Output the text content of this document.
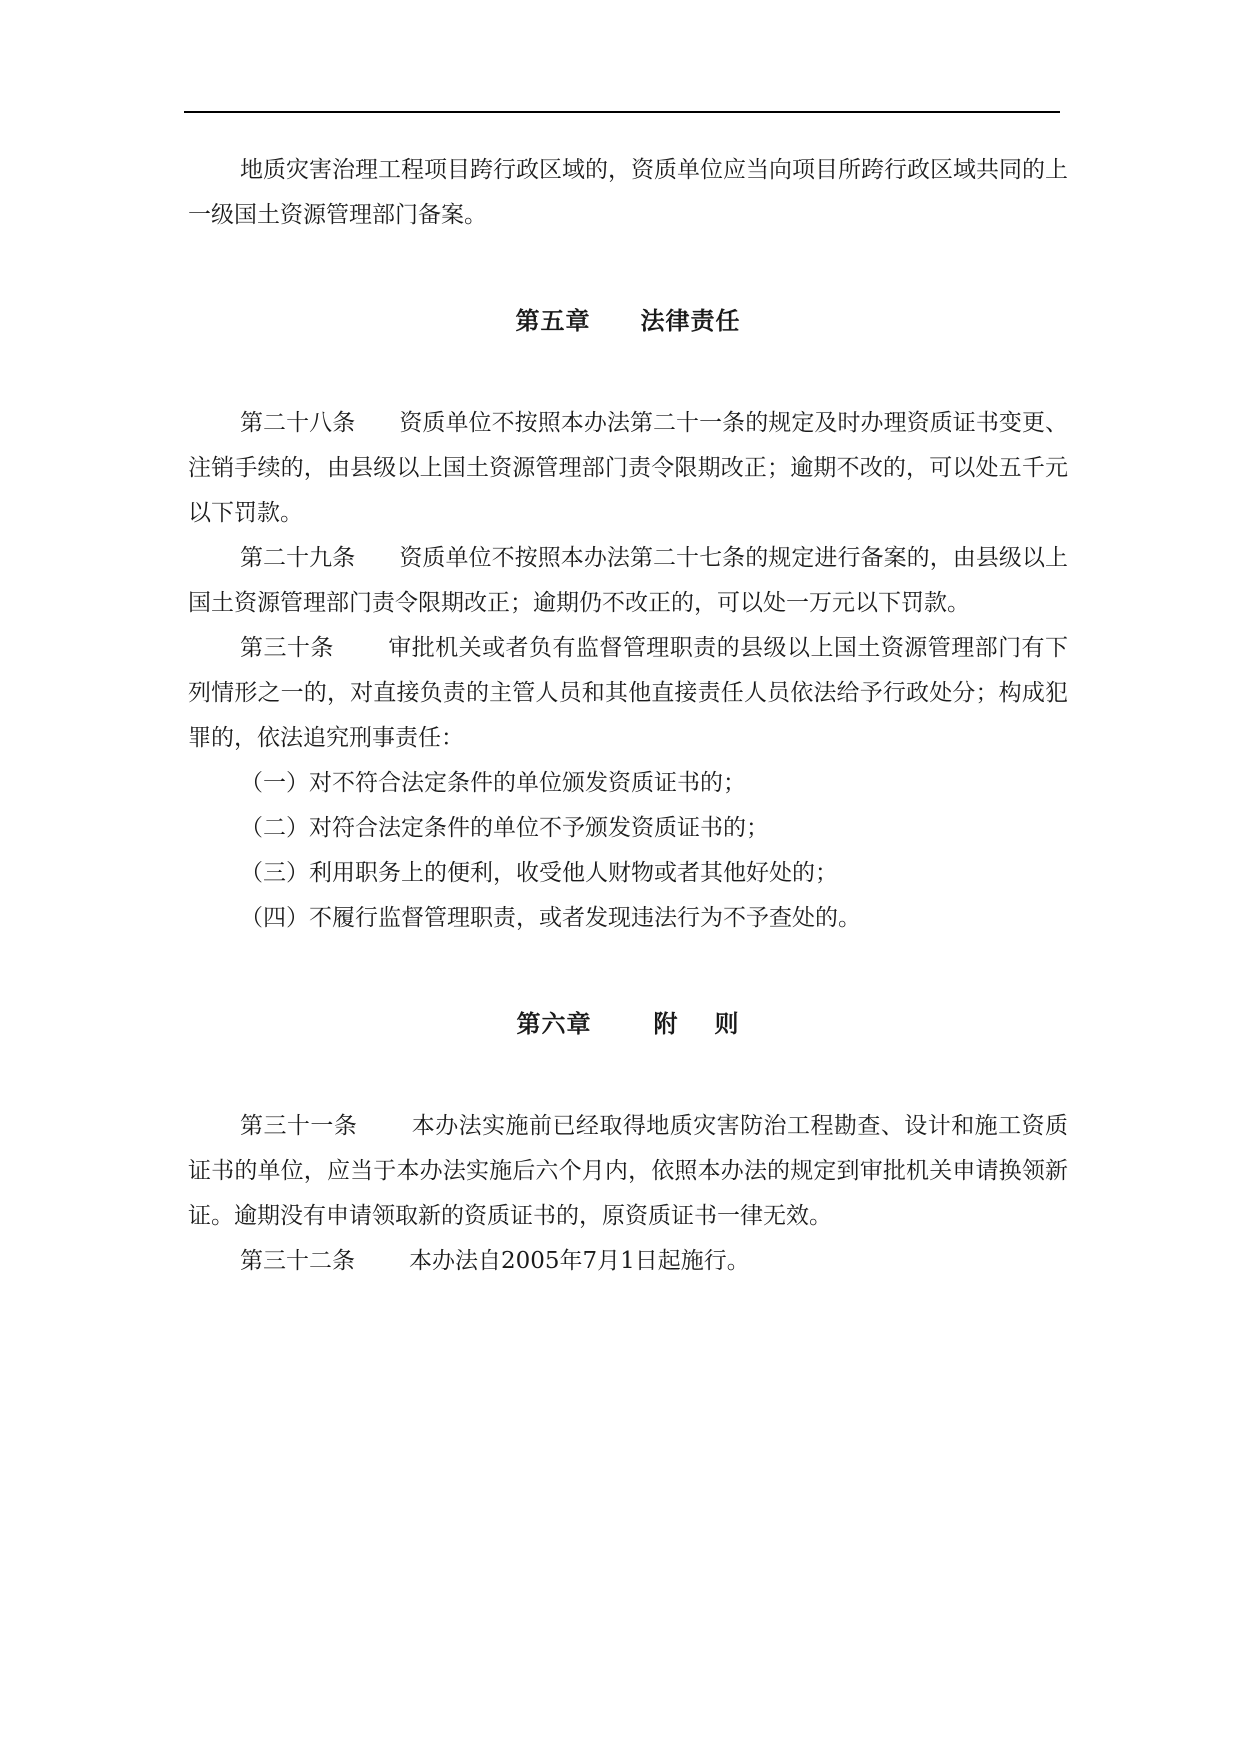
地质灾害治理工程项目跨行政区域的，资质单位应当向项目所跨行政区域共同的上一级国土资源管理部门备案。

第五章 法律责任

第二十八条 资质单位不按照本办法第二十一条的规定及时办理资质证书变更、注销手续的，由县级以上国土资源管理部门责令限期改正；逾期不改的，可以处五千元以下罚款。

第二十九条 资质单位不按照本办法第二十七条的规定进行备案的，由县级以上国土资源管理部门责令限期改正；逾期仍不改正的，可以处一万元以下罚款。

第三十条 审批机关或者负有监督管理职责的县级以上国土资源管理部门有下列情形之一的，对直接负责的主管人员和其他直接责任人员依法给予行政处分；构成犯罪的，依法追究刑事责任：

（一）对不符合法定条件的单位颁发资质证书的；

（二）对符合法定条件的单位不予颁发资质证书的；

（三）利用职务上的便利，收受他人财物或者其他好处的；

（四）不履行监督管理职责，或者发现违法行为不予查处的。

第六章	附 则

第三十一条 本办法实施前已经取得地质灾害防治工程勘查、设计和施工资质证书的单位，应当于本办法实施后六个月内，依照本办法的规定到审批机关申请换领新证。逾期没有申请领取新的资质证书的，原资质证书一律无效。

第三十二条 本办法自2005年7月1日起施行。
